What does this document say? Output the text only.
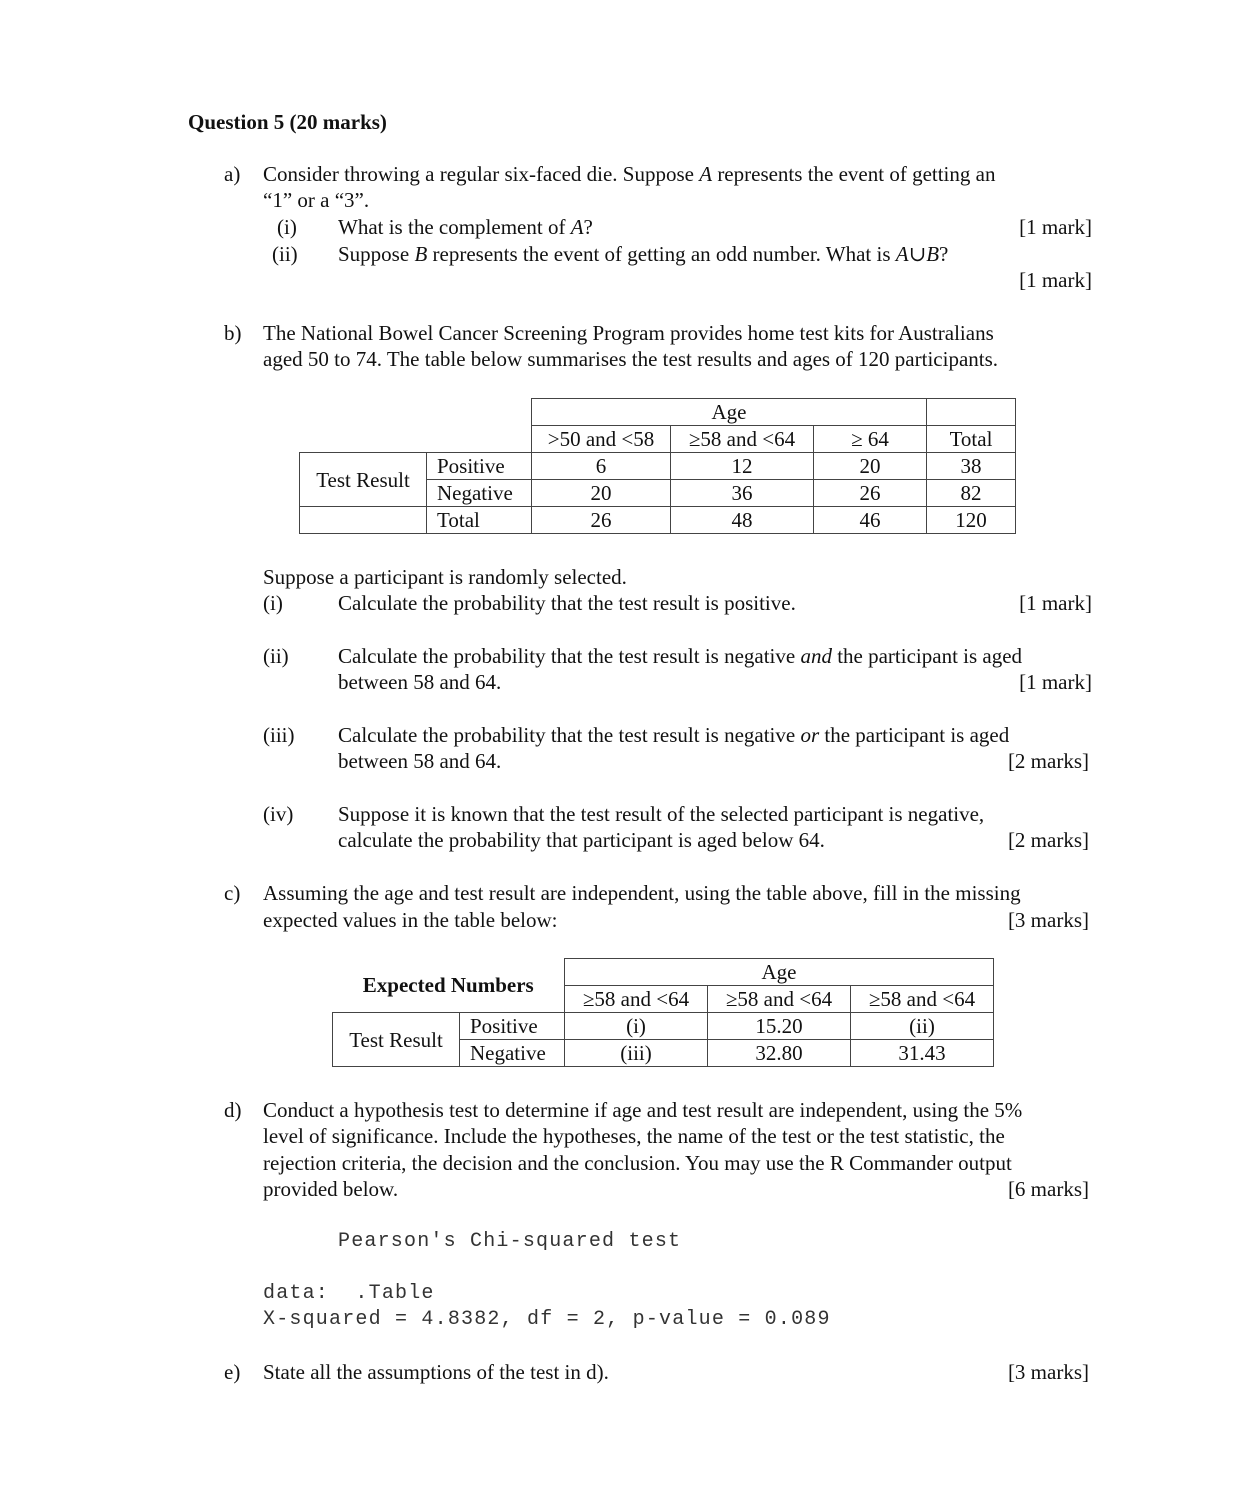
Question 5 (20 marks)
a) Consider throwing a regular six-faced die. Suppose A represents the event of getting an
“1” or a “3”.
(i) What is the complement of A?	[1 mark]
(ii) Suppose B represents the event of getting an odd number. What is A∪B?
[1 mark]
b) The National Bowel Cancer Screening Program provides home test kits for Australians
aged 50 to 74. The table below summarises the test results and ages of 120 participants.
		Age			
		>50 and <58	≥58 and <64	≥ 64	Total
Test Result	Positive	6	12	20	38
	Negative	20	36	26	82
	Total	26	48	46	120
Suppose a participant is randomly selected.
(i)	Calculate the probability that the test result is positive.	[1 mark]
(ii) Calculate the probability that the test result is negative and the participant is aged
between 58 and 64.	[1 mark]
(iii) Calculate the probability that the test result is negative or the participant is aged
between 58 and 64.	[2 marks]
(iv) Suppose it is known that the test result of the selected participant is negative,
calculate the probability that participant is aged below 64.	[2 marks]
c) Assuming the age and test result are independent, using the table above, fill in the missing
expected values in the table below:	[3 marks]
Expected Numbers		Age		
		≥58 and <64	≥58 and <64	≥58 and <64
Test Result	Positive	(i)	15.20	(ii)
	Negative	(iii)	32.80	31.43
d) Conduct a hypothesis test to determine if age and test result are independent, using the 5%
level of significance. Include the hypotheses, the name of the test or the test statistic, the
rejection criteria, the decision and the conclusion. You may use the R Commander output
provided below.	[6 marks]
Pearson's Chi-squared test
data:  .Table
X-squared = 4.8382, df = 2, p-value = 0.089
e) State all the assumptions of the test in d).	[3 marks]
